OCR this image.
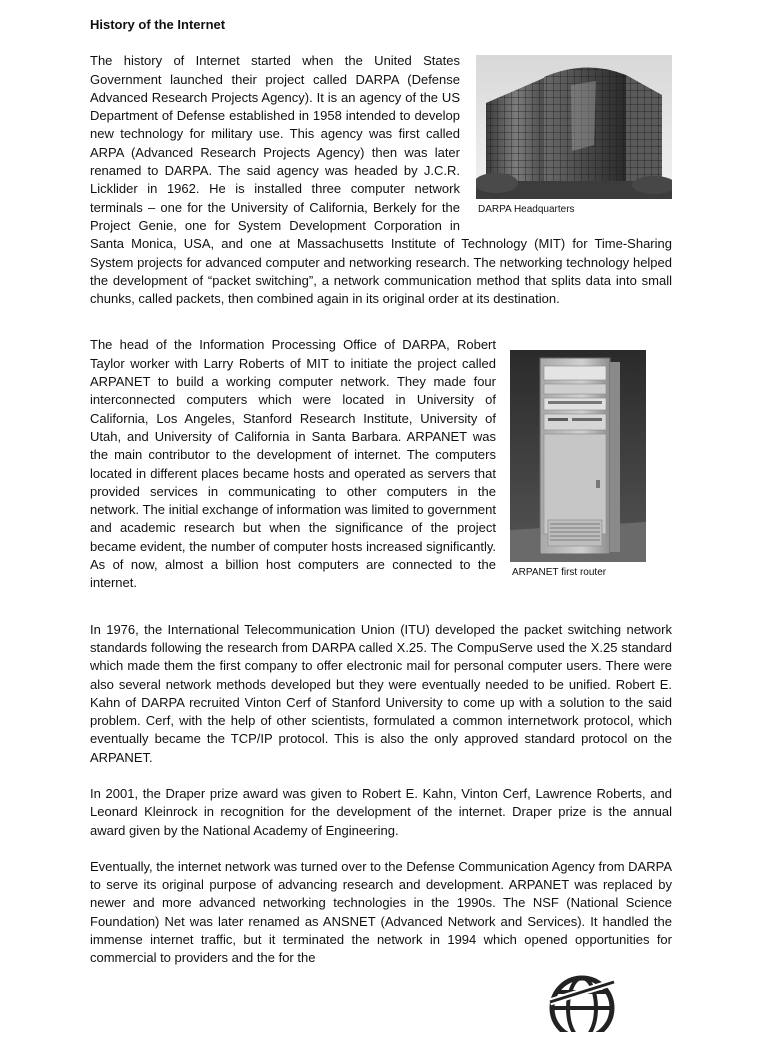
History of the Internet
DARPA Headquarters

The history of Internet started when the United States Government launched their project called DARPA (Defense Advanced Research Projects Agency). It is an agency of the US Department of Defense established in 1958 intended to develop new technology for military use. This agency was first called ARPA (Advanced Research Projects Agency) then was later renamed to DARPA. The said agency was headed by J.C.R. Licklider in 1962. He is installed three computer network terminals – one for the University of California, Berkely for the Project Genie, one for System Development Corporation in Santa Monica, USA, and one at Massachusetts Institute of Technology (MIT) for Time-Sharing System projects for advanced computer and networking research. The networking technology helped the development of “packet switching”, a network communication method that splits data into small chunks, called packets, then combined again in its original order at its destination.

ARPANET first router

The head of the Information Processing Office of DARPA, Robert Taylor worker with Larry Roberts of MIT to initiate the project called ARPANET to build a working computer network. They made four interconnected computers which were located in University of California, Los Angeles, Stanford Research Institute, University of Utah, and University of California in Santa Barbara. ARPANET was the main contributor to the development of internet. The computers located in different places became hosts and operated as servers that provided services in communicating to other computers in the network. The initial exchange of information was limited to government and academic research but when the significance of the project became evident, the number of computer hosts increased significantly. As of now, almost a billion host computers are connected to the internet.

In 1976, the International Telecommunication Union (ITU) developed the packet switching network standards following the research from DARPA called X.25. The CompuServe used the X.25 standard which made them the first company to offer electronic mail for personal computer users. There were also several network methods developed but they were eventually needed to be unified. Robert E. Kahn of DARPA recruited Vinton Cerf of Stanford University to come up with a solution to the said problem. Cerf, with the help of other scientists, formulated a common internetwork protocol, which eventually became the TCP/IP protocol. This is also the only approved standard protocol on the ARPANET.

In 2001, the Draper prize award was given to Robert E. Kahn, Vinton Cerf, Lawrence Roberts, and Leonard Kleinrock in recognition for the development of the internet. Draper prize is the annual award given by the National Academy of Engineering.

Eventually, the internet network was turned over to the Defense Communication Agency from DARPA to serve its original purpose of advancing research and development. ARPANET was replaced by newer and more advanced networking technologies in the 1990s. The NSF (National Science Foundation) Net was later renamed as ANSNET (Advanced Network and Services). It handled the immense internet traffic, but it terminated the network in 1994 which opened opportunities for commercial to providers and the for the
